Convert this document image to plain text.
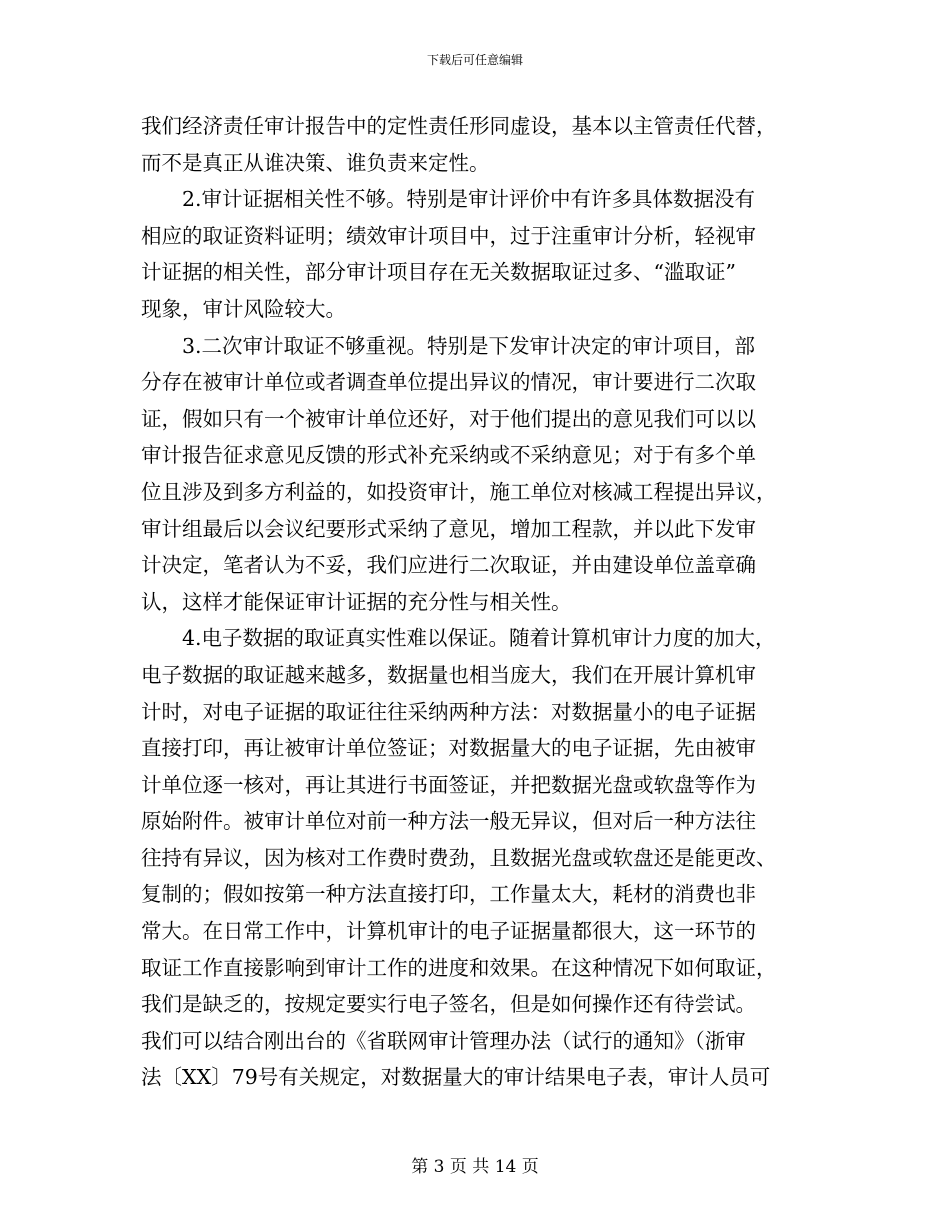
下载后可任意编辑
我们经济责任审计报告中的定性责任形同虚设，基本以主管责任代替，
而不是真正从谁决策、谁负责来定性。
2.审计证据相关性不够。特别是审计评价中有许多具体数据没有
相应的取证资料证明；绩效审计项目中，过于注重审计分析，轻视审
计证据的相关性，部分审计项目存在无关数据取证过多、“滥取证”
现象，审计风险较大。
3.二次审计取证不够重视。特别是下发审计决定的审计项目，部
分存在被审计单位或者调查单位提出异议的情况，审计要进行二次取
证，假如只有一个被审计单位还好，对于他们提出的意见我们可以以
审计报告征求意见反馈的形式补充采纳或不采纳意见；对于有多个单
位且涉及到多方利益的，如投资审计，施工单位对核减工程提出异议，
审计组最后以会议纪要形式采纳了意见，增加工程款，并以此下发审
计决定，笔者认为不妥，我们应进行二次取证，并由建设单位盖章确
认，这样才能保证审计证据的充分性与相关性。
4.电子数据的取证真实性难以保证。随着计算机审计力度的加大，
电子数据的取证越来越多，数据量也相当庞大，我们在开展计算机审
计时，对电子证据的取证往往采纳两种方法：对数据量小的电子证据
直接打印，再让被审计单位签证；对数据量大的电子证据，先由被审
计单位逐一核对，再让其进行书面签证，并把数据光盘或软盘等作为
原始附件。被审计单位对前一种方法一般无异议，但对后一种方法往
往持有异议，因为核对工作费时费劲，且数据光盘或软盘还是能更改、
复制的；假如按第一种方法直接打印，工作量太大，耗材的消费也非
常大。在日常工作中，计算机审计的电子证据量都很大，这一环节的
取证工作直接影响到审计工作的进度和效果。在这种情况下如何取证，
我们是缺乏的，按规定要实行电子签名，但是如何操作还有待尝试。
我们可以结合刚出台的《省联网审计管理办法（试行的通知》（浙审
法〔XX〕79号有关规定，对数据量大的审计结果电子表，审计人员可
第 3 页 共 14 页
